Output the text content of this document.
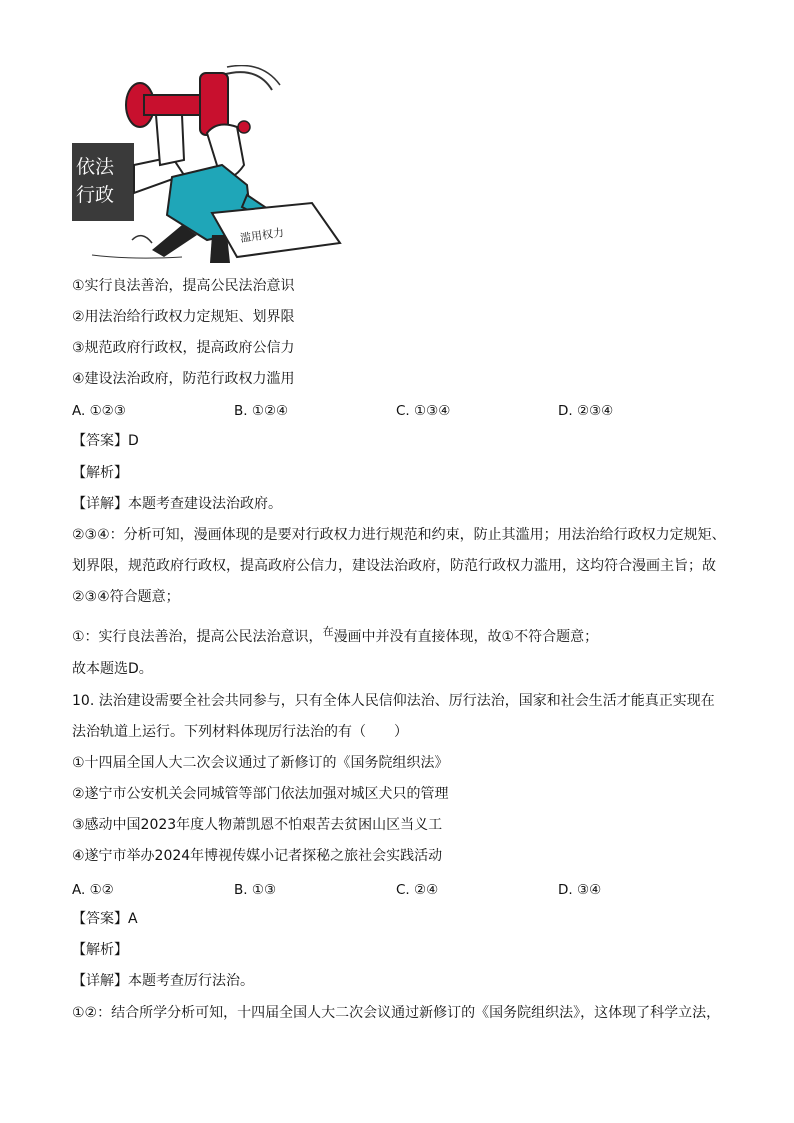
依法
行政
滥用权力
①实行良法善治，提高公民法治意识
②用法治给行政权力定规矩、划界限
③规范政府行政权，提高政府公信力
④建设法治政府，防范行政权力滥用
A. ①②③	B. ①②④	C. ①③④	D. ②③④
【答案】D
【解析】
【详解】本题考查建设法治政府。
②③④：分析可知，漫画体现的是要对行政权力进行规范和约束，防止其滥用；用法治给行政权力定规矩、
划界限，规范政府行政权，提高政府公信力，建设法治政府，防范行政权力滥用，这均符合漫画主旨；故
②③④符合题意；
①：实行良法善治，提高公民法治意识，$^在$漫画中并没有直接体现，故①不符合题意；
故本题选D。
10. 法治建设需要全社会共同参与，只有全体人民信仰法治、厉行法治，国家和社会生活才能真正实现在
法治轨道上运行。下列材料体现厉行法治的有（　　）
①十四届全国人大二次会议通过了新修订的《国务院组织法》
②遂宁市公安机关会同城管等部门依法加强对城区犬只的管理
③感动中国2023年度人物萧凯恩不怕艰苦去贫困山区当义工
④遂宁市举办2024年博视传媒小记者探秘之旅社会实践活动
A. ①②	B. ①③	C. ②④	D. ③④
【答案】A
【解析】
【详解】本题考查厉行法治。
①②：结合所学分析可知，十四届全国人大二次会议通过新修订的《国务院组织法》，这体现了科学立法，
